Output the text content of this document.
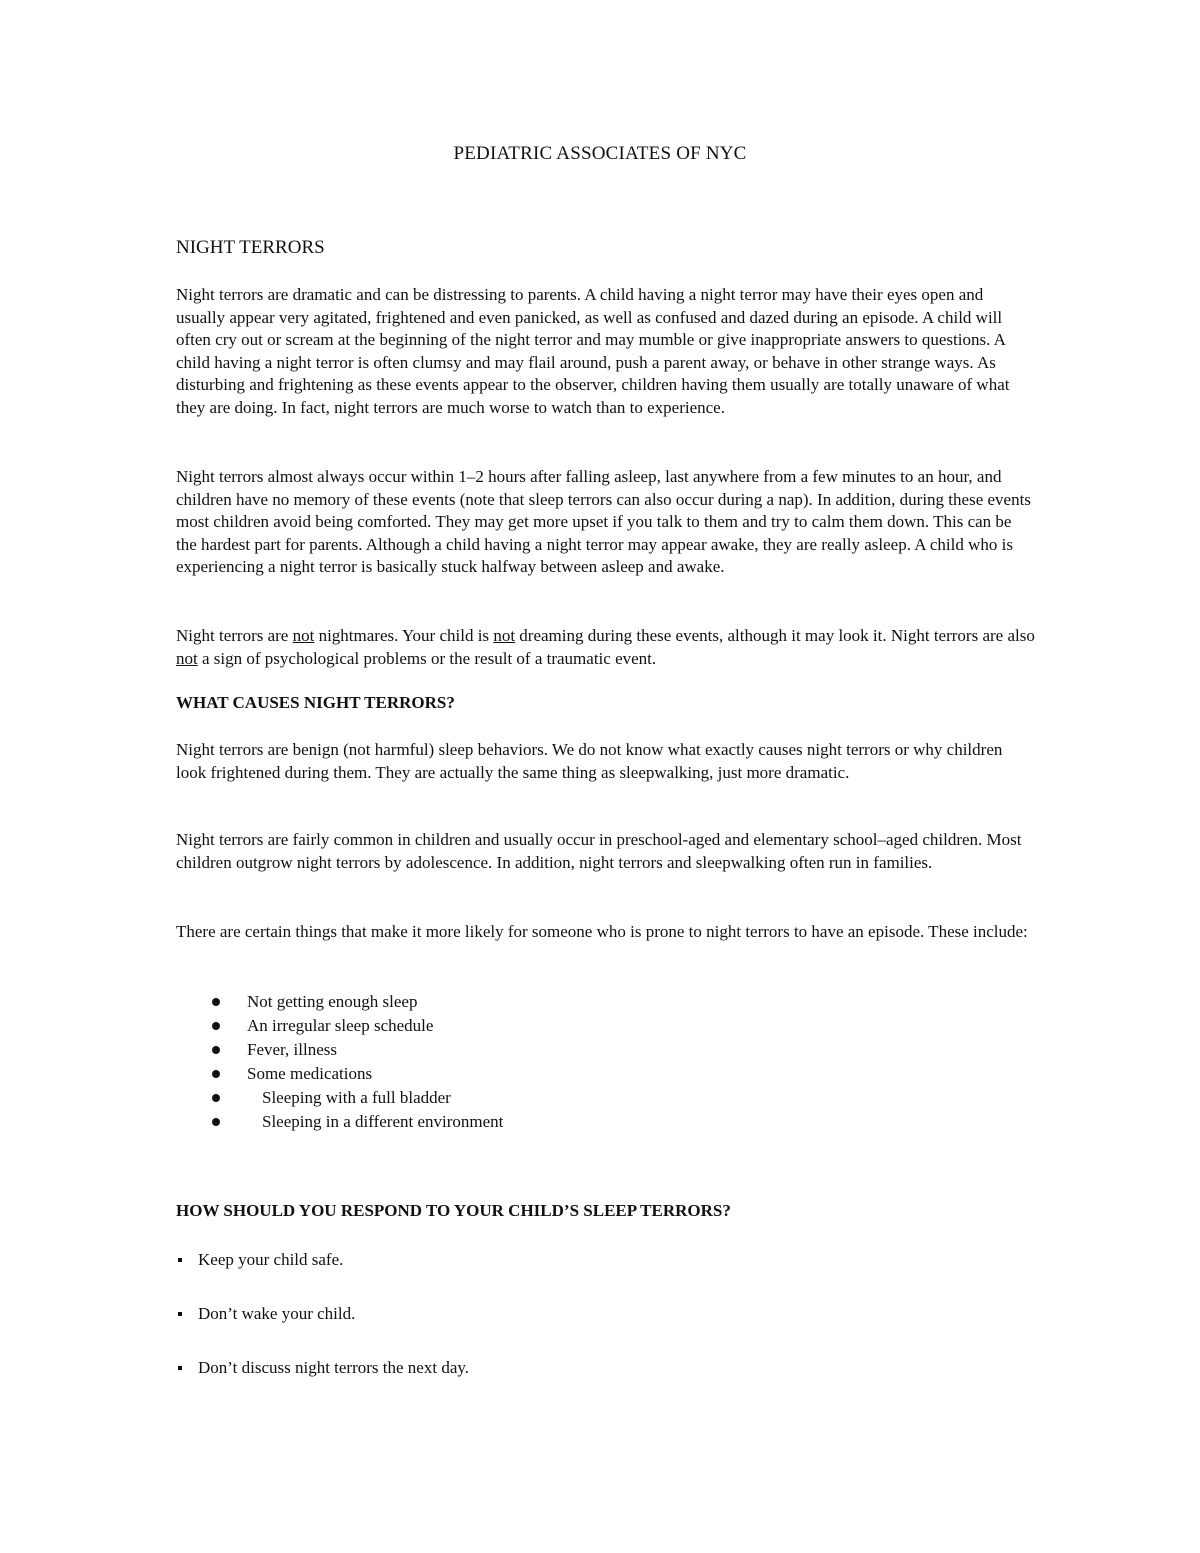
PEDIATRIC ASSOCIATES OF NYC
NIGHT TERRORS

Night terrors are dramatic and can be distressing to parents. A child having a night terror may have their eyes open and usually appear very agitated, frightened and even panicked, as well as confused and dazed during an episode. A child will often cry out or scream at the beginning of the night terror and may mumble or give inappropriate answers to questions. A child having a night terror is often clumsy and may flail around, push a parent away, or behave in other strange ways. As disturbing and frightening as these events appear to the observer, children having them usually are totally unaware of what they are doing. In fact, night terrors are much worse to watch than to experience.

Night terrors almost always occur within 1–2 hours after falling asleep, last anywhere from a few minutes to an hour, and children have no memory of these events (note that sleep terrors can also occur during a nap). In addition, during these events most children avoid being comforted. They may get more upset if you talk to them and try to calm them down. This can be the hardest part for parents. Although a child having a night terror may appear awake, they are really asleep. A child who is experiencing a night terror is basically stuck halfway between asleep and awake.

Night terrors are not nightmares. Your child is not dreaming during these events, although it may look it. Night terrors are also not a sign of psychological problems or the result of a traumatic event.

WHAT CAUSES NIGHT TERRORS?

Night terrors are benign (not harmful) sleep behaviors. We do not know what exactly causes night terrors or why children look frightened during them. They are actually the same thing as sleepwalking, just more dramatic.

Night terrors are fairly common in children and usually occur in preschool-aged and elementary school–aged children. Most children outgrow night terrors by adolescence. In addition, night terrors and sleepwalking often run in families.

There are certain things that make it more likely for someone who is prone to night terrors to have an episode. These include:

Not getting enough sleep
An irregular sleep schedule
Fever, illness
Some medications
Sleeping with a full bladder
Sleeping in a different environment
HOW SHOULD YOU RESPOND TO YOUR CHILD’S SLEEP TERRORS?
Keep your child safe.
Don’t wake your child.
Don’t discuss night terrors the next day.
